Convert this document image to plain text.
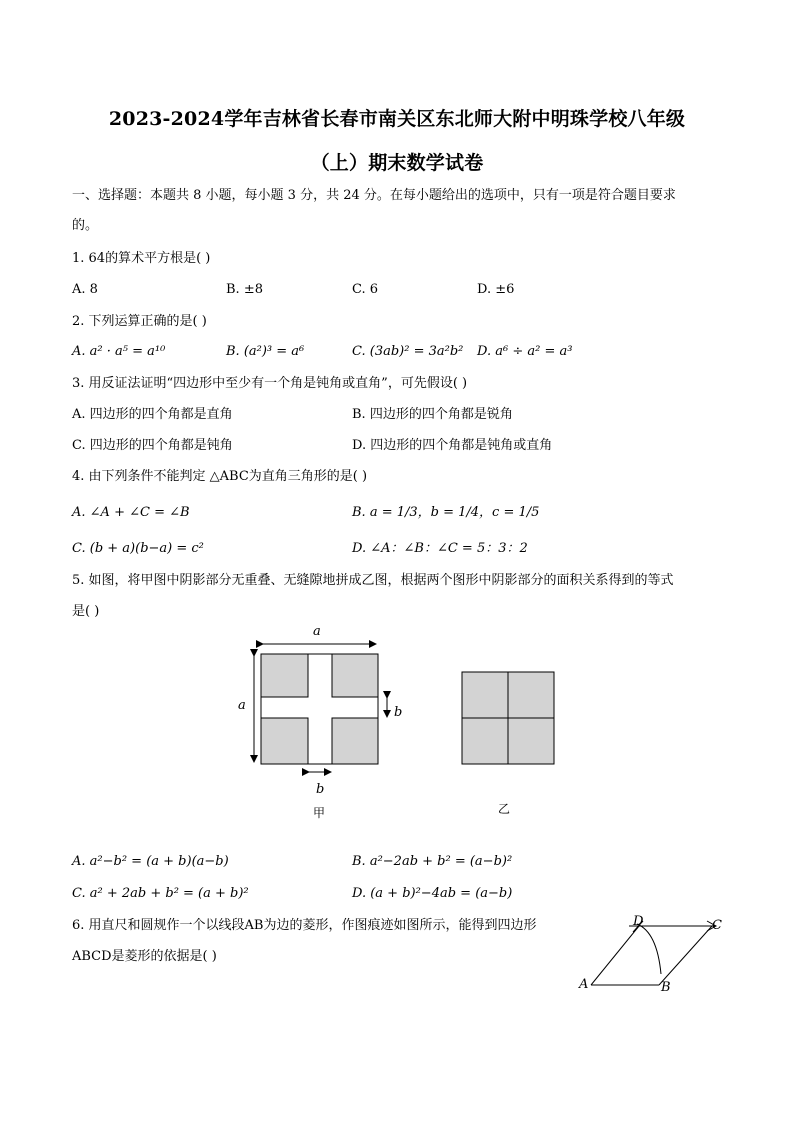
2023-2024学年吉林省长春市南关区东北师大附中明珠学校八年级
（上）期末数学试卷
一、选择题：本题共 8 小题，每小题 3 分，共 24 分。在每小题给出的选项中，只有一项是符合题目要求
的。
1. 64的算术平方根是( )
A. 8	B. ±8	C. 6	D. ±6
2. 下列运算正确的是( )
A. a² · a⁵ = a¹⁰	B. (a²)³ = a⁶	C. (3ab)² = 3a²b² D. a⁶ ÷ a² = a³
3. 用反证法证明“四边形中至少有一个角是钝角或直角”，可先假设( )
A. 四边形的四个角都是直角	B. 四边形的四个角都是锐角
C. 四边形的四个角都是钝角	D. 四边形的四个角都是钝角或直角
4. 由下列条件不能判定 △ABC为直角三角形的是( )
A. ∠A + ∠C = ∠B	B. a = 1/3，b = 1/4，c = 1/5
C. (b + a)(b−a) = c²	D. ∠A：∠B：∠C = 5：3：2
5. 如图，将甲图中阴影部分无重叠、无缝隙地拼成乙图，根据两个图形中阴影部分的面积关系得到的等式
是( )
a
a	b
b
甲	乙
A. a²−b² = (a + b)(a−b)	B. a²−2ab + b² = (a−b)²
C. a² + 2ab + b² = (a + b)²	D. (a + b)²−4ab = (a−b)
6. 用直尺和圆规作一个以线段AB为边的菱形，作图痕迹如图所示，能得到四边形
ABCD是菱形的依据是( )
A	B
C
D
